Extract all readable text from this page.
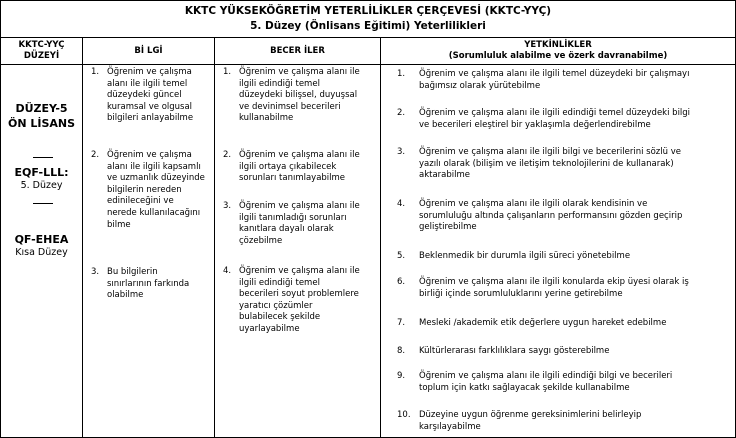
KKTC YÜKSEKÖĞRETİM YETERLİLİKLER ÇERÇEVESİ (KKTC-YYÇ)
5. Düzey (Önlisans Eğitimi) Yeterlilikleri
KKTC-YYÇ
DÜZEYİ	Bİ LGİ	BECER İLER
YETKİNLİKLER
(Sorumluluk alabilme ve özerk davranabilme)
DÜZEY-5
ÖN LİSANS
EQF-LLL:
5. Düzey
QF-EHEA
Kısa Düzey
1. Öğrenim ve çalışma
alanı ile ilgili temel
düzeydeki güncel
kuramsal ve olgusal
bilgileri anlayabilme
2. Öğrenim ve çalışma
alanı ile ilgili kapsamlı
ve uzmanlık düzeyinde
bilgilerin nereden
edinileceğini ve
nerede kullanılacağını
bilme
3. Bu bilgilerin
sınırlarının farkında
olabilme
1. Öğrenim ve çalışma alanı ile
ilgili edindiği temel
düzeydeki bilişsel, duyuşsal
ve devinimsel becerileri
kullanabilme
2. Öğrenim ve çalışma alanı ile
ilgili ortaya çıkabilecek
sorunları tanımlayabilme
3. Öğrenim ve çalışma alanı ile
ilgili tanımladığı sorunları
kanıtlara dayalı olarak
çözebilme
4. Öğrenim ve çalışma alanı ile
ilgili edindiği temel
becerileri soyut problemlere
yaratıcı çözümler
bulabilecek şekilde
uyarlayabilme
1. Öğrenim ve çalışma alanı ile ilgili temel düzeydeki bir çalışmayı
bağımsız olarak yürütebilme
2. Öğrenim ve çalışma alanı ile ilgili edindiği temel düzeydeki bilgi
ve becerileri eleştirel bir yaklaşımla değerlendirebilme
3. Öğrenim ve çalışma alanı ile ilgili bilgi ve becerilerini sözlü ve
yazılı olarak (bilişim ve iletişim teknolojilerini de kullanarak)
aktarabilme
4. Öğrenim ve çalışma alanı ile ilgili olarak kendisinin ve
sorumluluğu altında çalışanların performansını gözden geçirip
geliştirebilme
5. Beklenmedik bir durumla ilgili süreci yönetebilme
6. Öğrenim ve çalışma alanı ile ilgili konularda ekip üyesi olarak iş
birliği içinde sorumluluklarını yerine getirebilme
7. Mesleki /akademik etik değerlere uygun hareket edebilme
8. Kültürlerarası farklılıklara saygı gösterebilme
9. Öğrenim ve çalışma alanı ile ilgili edindiği bilgi ve becerileri
toplum için katkı sağlayacak şekilde kullanabilme
10. Düzeyine uygun öğrenme gereksinimlerini belirleyip
karşılayabilme
